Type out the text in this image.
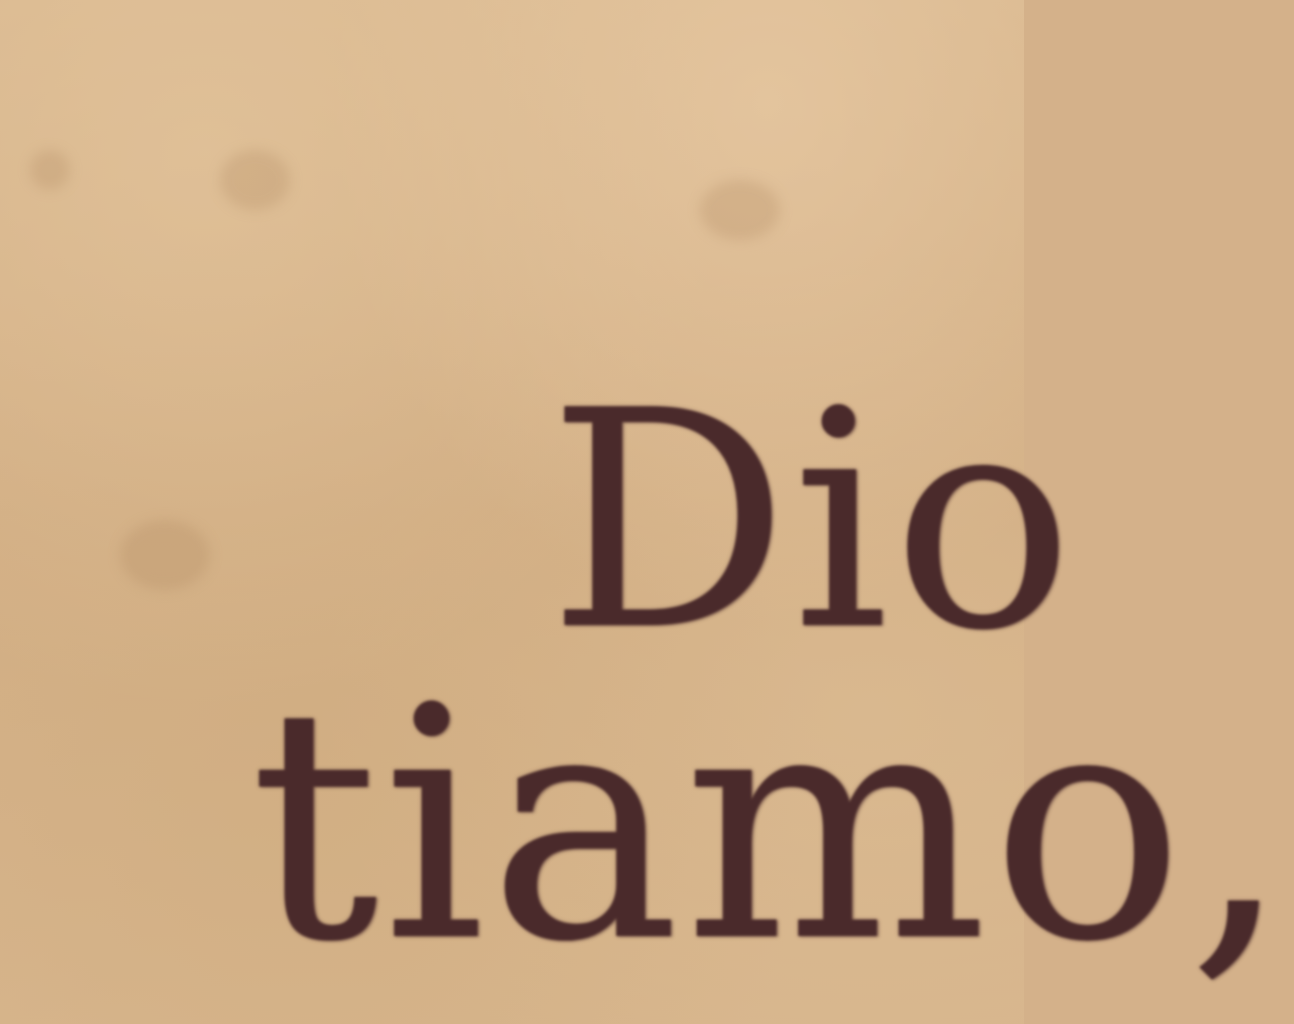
Dio

tiamo,
